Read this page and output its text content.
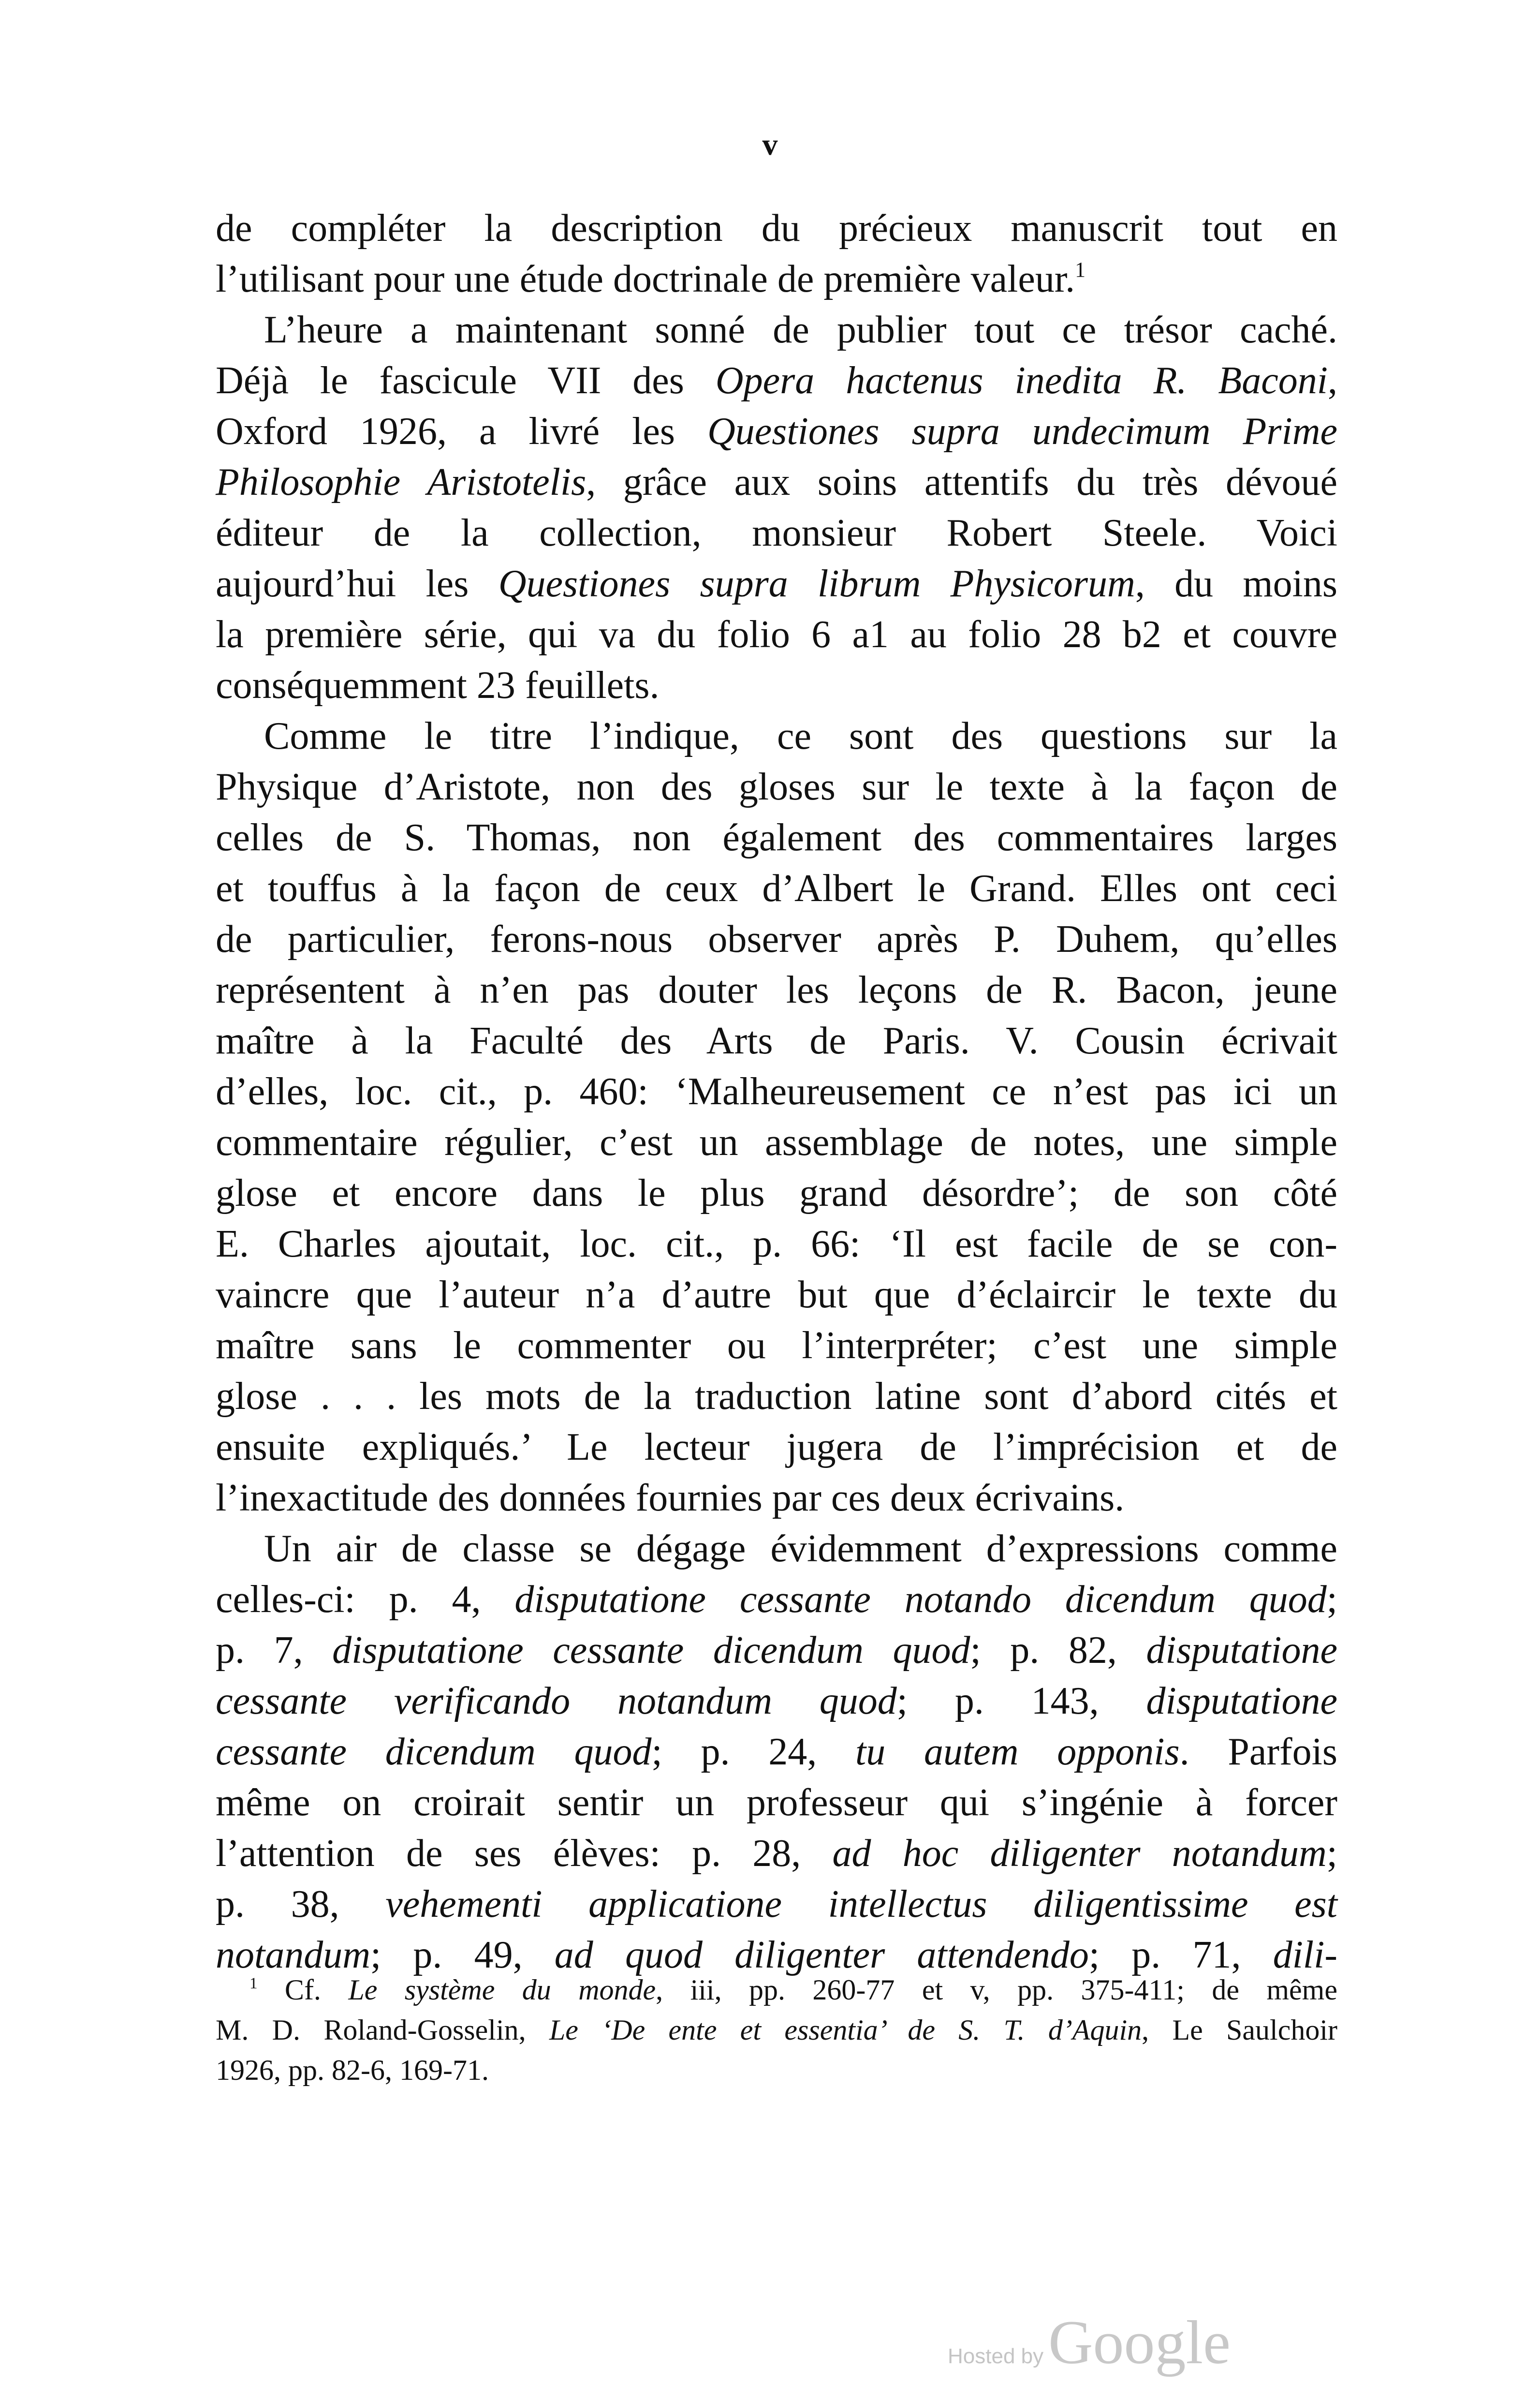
v
de compléter la description du précieux manuscrit tout en
l’utilisant pour une étude doctrinale de première valeur.$^1$
L’heure a maintenant sonné de publier tout ce trésor caché.
Déjà le fascicule VII des Opera hactenus inedita R. Baconi,
Oxford 1926, a livré les Questiones supra undecimum Prime
Philosophie Aristotelis, grâce aux soins attentifs du très dévoué
éditeur de la collection, monsieur Robert Steele. Voici
aujourd’hui les Questiones supra librum Physicorum, du moins
la première série, qui va du folio 6 a1 au folio 28 b2 et couvre
conséquemment 23 feuillets.
Comme le titre l’indique, ce sont des questions sur la
Physique d’Aristote, non des gloses sur le texte à la façon de
celles de S. Thomas, non également des commentaires larges
et touffus à la façon de ceux d’Albert le Grand. Elles ont ceci
de particulier, ferons-nous observer après P. Duhem, qu’elles
représentent à n’en pas douter les leçons de R. Bacon, jeune
maître à la Faculté des Arts de Paris. V. Cousin écrivait
d’elles, loc. cit., p. 460: ‘Malheureusement ce n’est pas ici un
commentaire régulier, c’est un assemblage de notes, une simple
glose et encore dans le plus grand désordre’; de son côté
E. Charles ajoutait, loc. cit., p. 66: ‘Il est facile de se con-
vaincre que l’auteur n’a d’autre but que d’éclaircir le texte du
maître sans le commenter ou l’interpréter; c’est une simple
glose . . . les mots de la traduction latine sont d’abord cités et
ensuite expliqués.’ Le lecteur jugera de l’imprécision et de
l’inexactitude des données fournies par ces deux écrivains.
Un air de classe se dégage évidemment d’expressions comme
celles-ci: p. 4, disputatione cessante notando dicendum quod;
p. 7, disputatione cessante dicendum quod; p. 82, disputatione
cessante verificando notandum quod; p. 143, disputatione
cessante dicendum quod; p. 24, tu autem opponis. Parfois
même on croirait sentir un professeur qui s’ingénie à forcer
l’attention de ses élèves: p. 28, ad hoc diligenter notandum;
p. 38, vehementi applicatione intellectus diligentissime est
notandum; p. 49, ad quod diligenter attendendo; p. 71, dili-
$^1$ Cf. Le système du monde, iii, pp. 260-77 et v, pp. 375-411; de même
M. D. Roland-Gosselin, Le ‘De ente et essentia’ de S. T. d’Aquin, Le Saulchoir
1926, pp. 82-6, 169-71.
Hosted by Google
